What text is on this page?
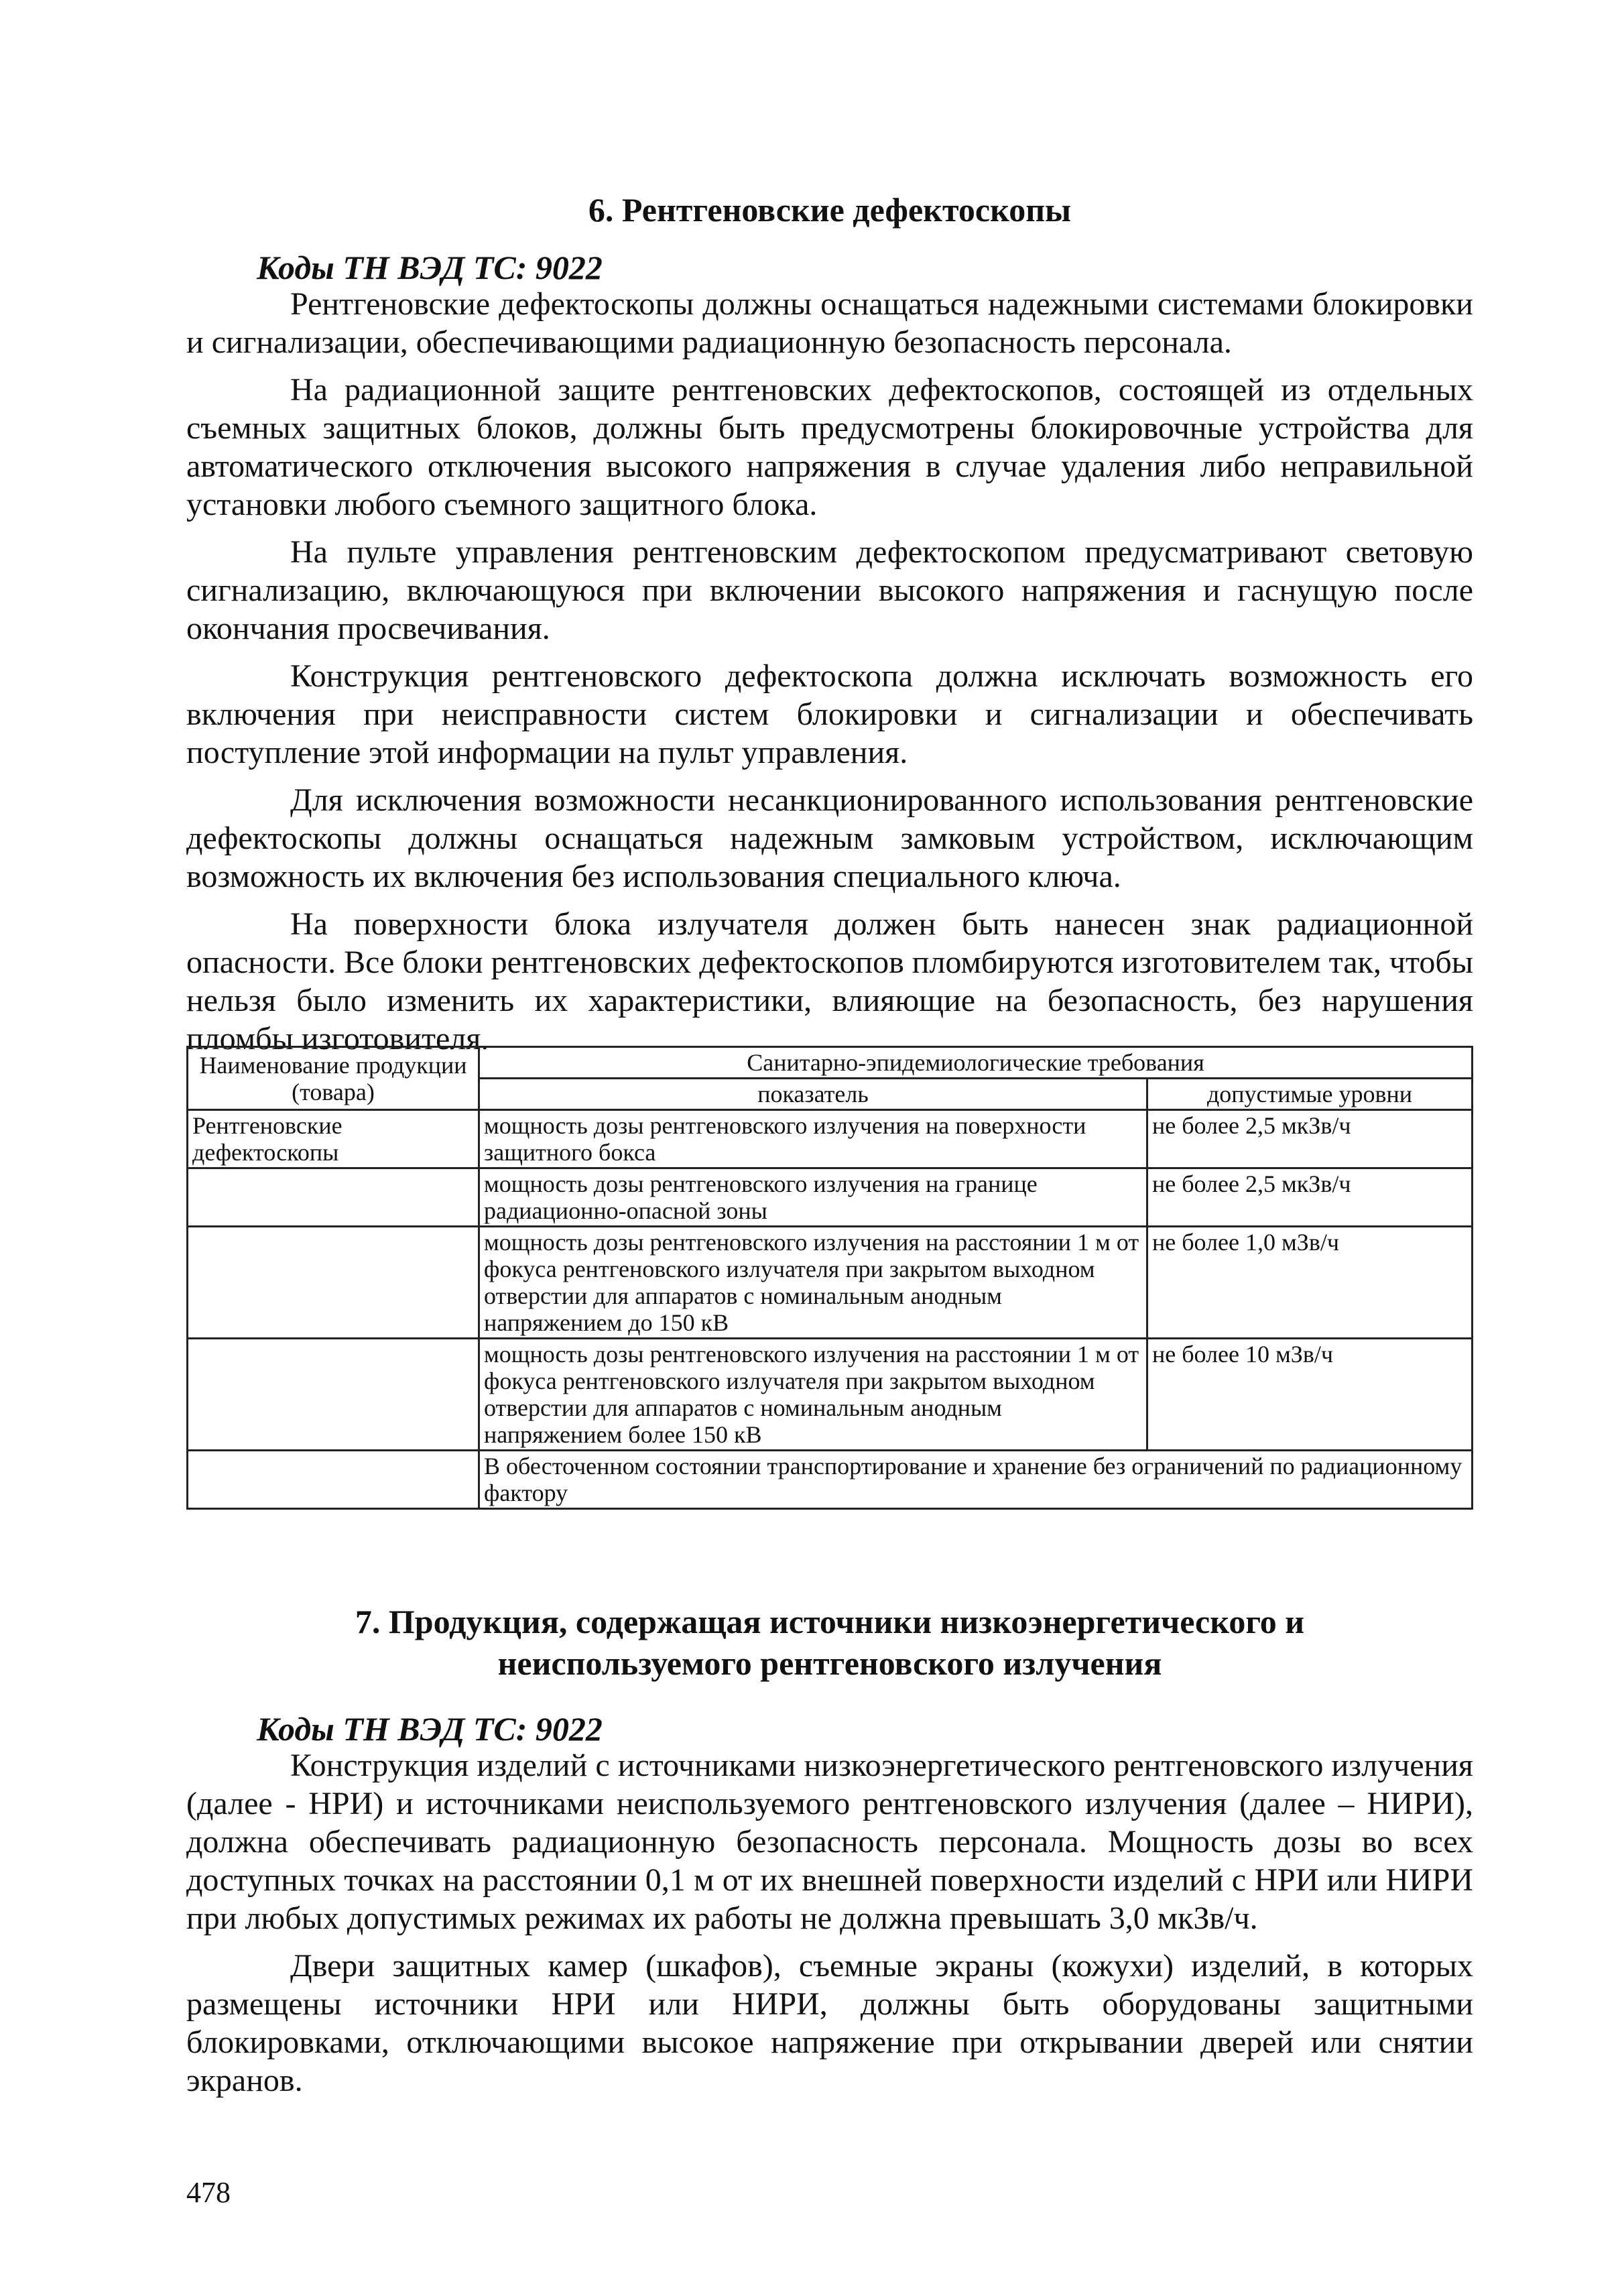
6. Рентгеновские дефектоскопы
Коды ТН ВЭД ТС: 9022

Рентгеновские дефектоскопы должны оснащаться надежными системами блокировки и сигнализации, обеспечивающими радиационную безопасность персонала.

На радиационной защите рентгеновских дефектоскопов, состоящей из отдельных съемных защитных блоков, должны быть предусмотрены блокировочные устройства для автоматического отключения высокого напряжения в случае удаления либо неправильной установки любого съемного защитного блока.

На пульте управления рентгеновским дефектоскопом предусматривают световую сигнализацию, включающуюся при включении высокого напряжения и гаснущую после окончания просвечивания.

Конструкция рентгеновского дефектоскопа должна исключать возможность его включения при неисправности систем блокировки и сигнализации и обеспечивать поступление этой информации на пульт управления.

Для исключения возможности несанкционированного использования рентгеновские дефектоскопы должны оснащаться надежным замковым устройством, исключающим возможность их включения без использования специального ключа.

На поверхности блока излучателя должен быть нанесен знак радиационной опасности. Все блоки рентгеновских дефектоскопов пломбируются изготовителем так, чтобы нельзя было изменить их характеристики, влияющие на безопасность, без нарушения пломбы изготовителя.

Наименование продукции (товара)	Санитарно-эпидемиологические требования	
	показатель	допустимые уровни
Рентгеновские дефектоскопы	мощность дозы рентгеновского излучения на поверхности защитного бокса	не более 2,5 мкЗв/ч
	мощность дозы рентгеновского излучения на границе радиационно-опасной зоны	не более 2,5 мкЗв/ч
	мощность дозы рентгеновского излучения на расстоянии 1 м от фокуса рентгеновского излучателя при закрытом выходном отверстии для аппаратов с номинальным анодным напряжением до 150 кВ	не более 1,0 мЗв/ч
	мощность дозы рентгеновского излучения на расстоянии 1 м от фокуса рентгеновского излучателя при закрытом выходном отверстии для аппаратов с номинальным анодным напряжением более 150 кВ	не более 10 мЗв/ч
	В обесточенном состоянии транспортирование и хранение без ограничений по радиационному фактору	
7. Продукция, содержащая источники низкоэнергетического и
неиспользуемого рентгеновского излучения
Коды ТН ВЭД ТС: 9022

Конструкция изделий с источниками низкоэнергетического рентгеновского излучения (далее - НРИ) и источниками неиспользуемого рентгеновского излучения (далее – НИРИ), должна обеспечивать радиационную безопасность персонала. Мощность дозы во всех доступных точках на расстоянии 0,1 м от их внешней поверхности изделий с НРИ или НИРИ при любых допустимых режимах их работы не должна превышать 3,0 мкЗв/ч.

Двери защитных камер (шкафов), съемные экраны (кожухи) изделий, в которых размещены источники НРИ или НИРИ, должны быть оборудованы защитными блокировками, отключающими высокое напряжение при открывании дверей или снятии экранов.

478
